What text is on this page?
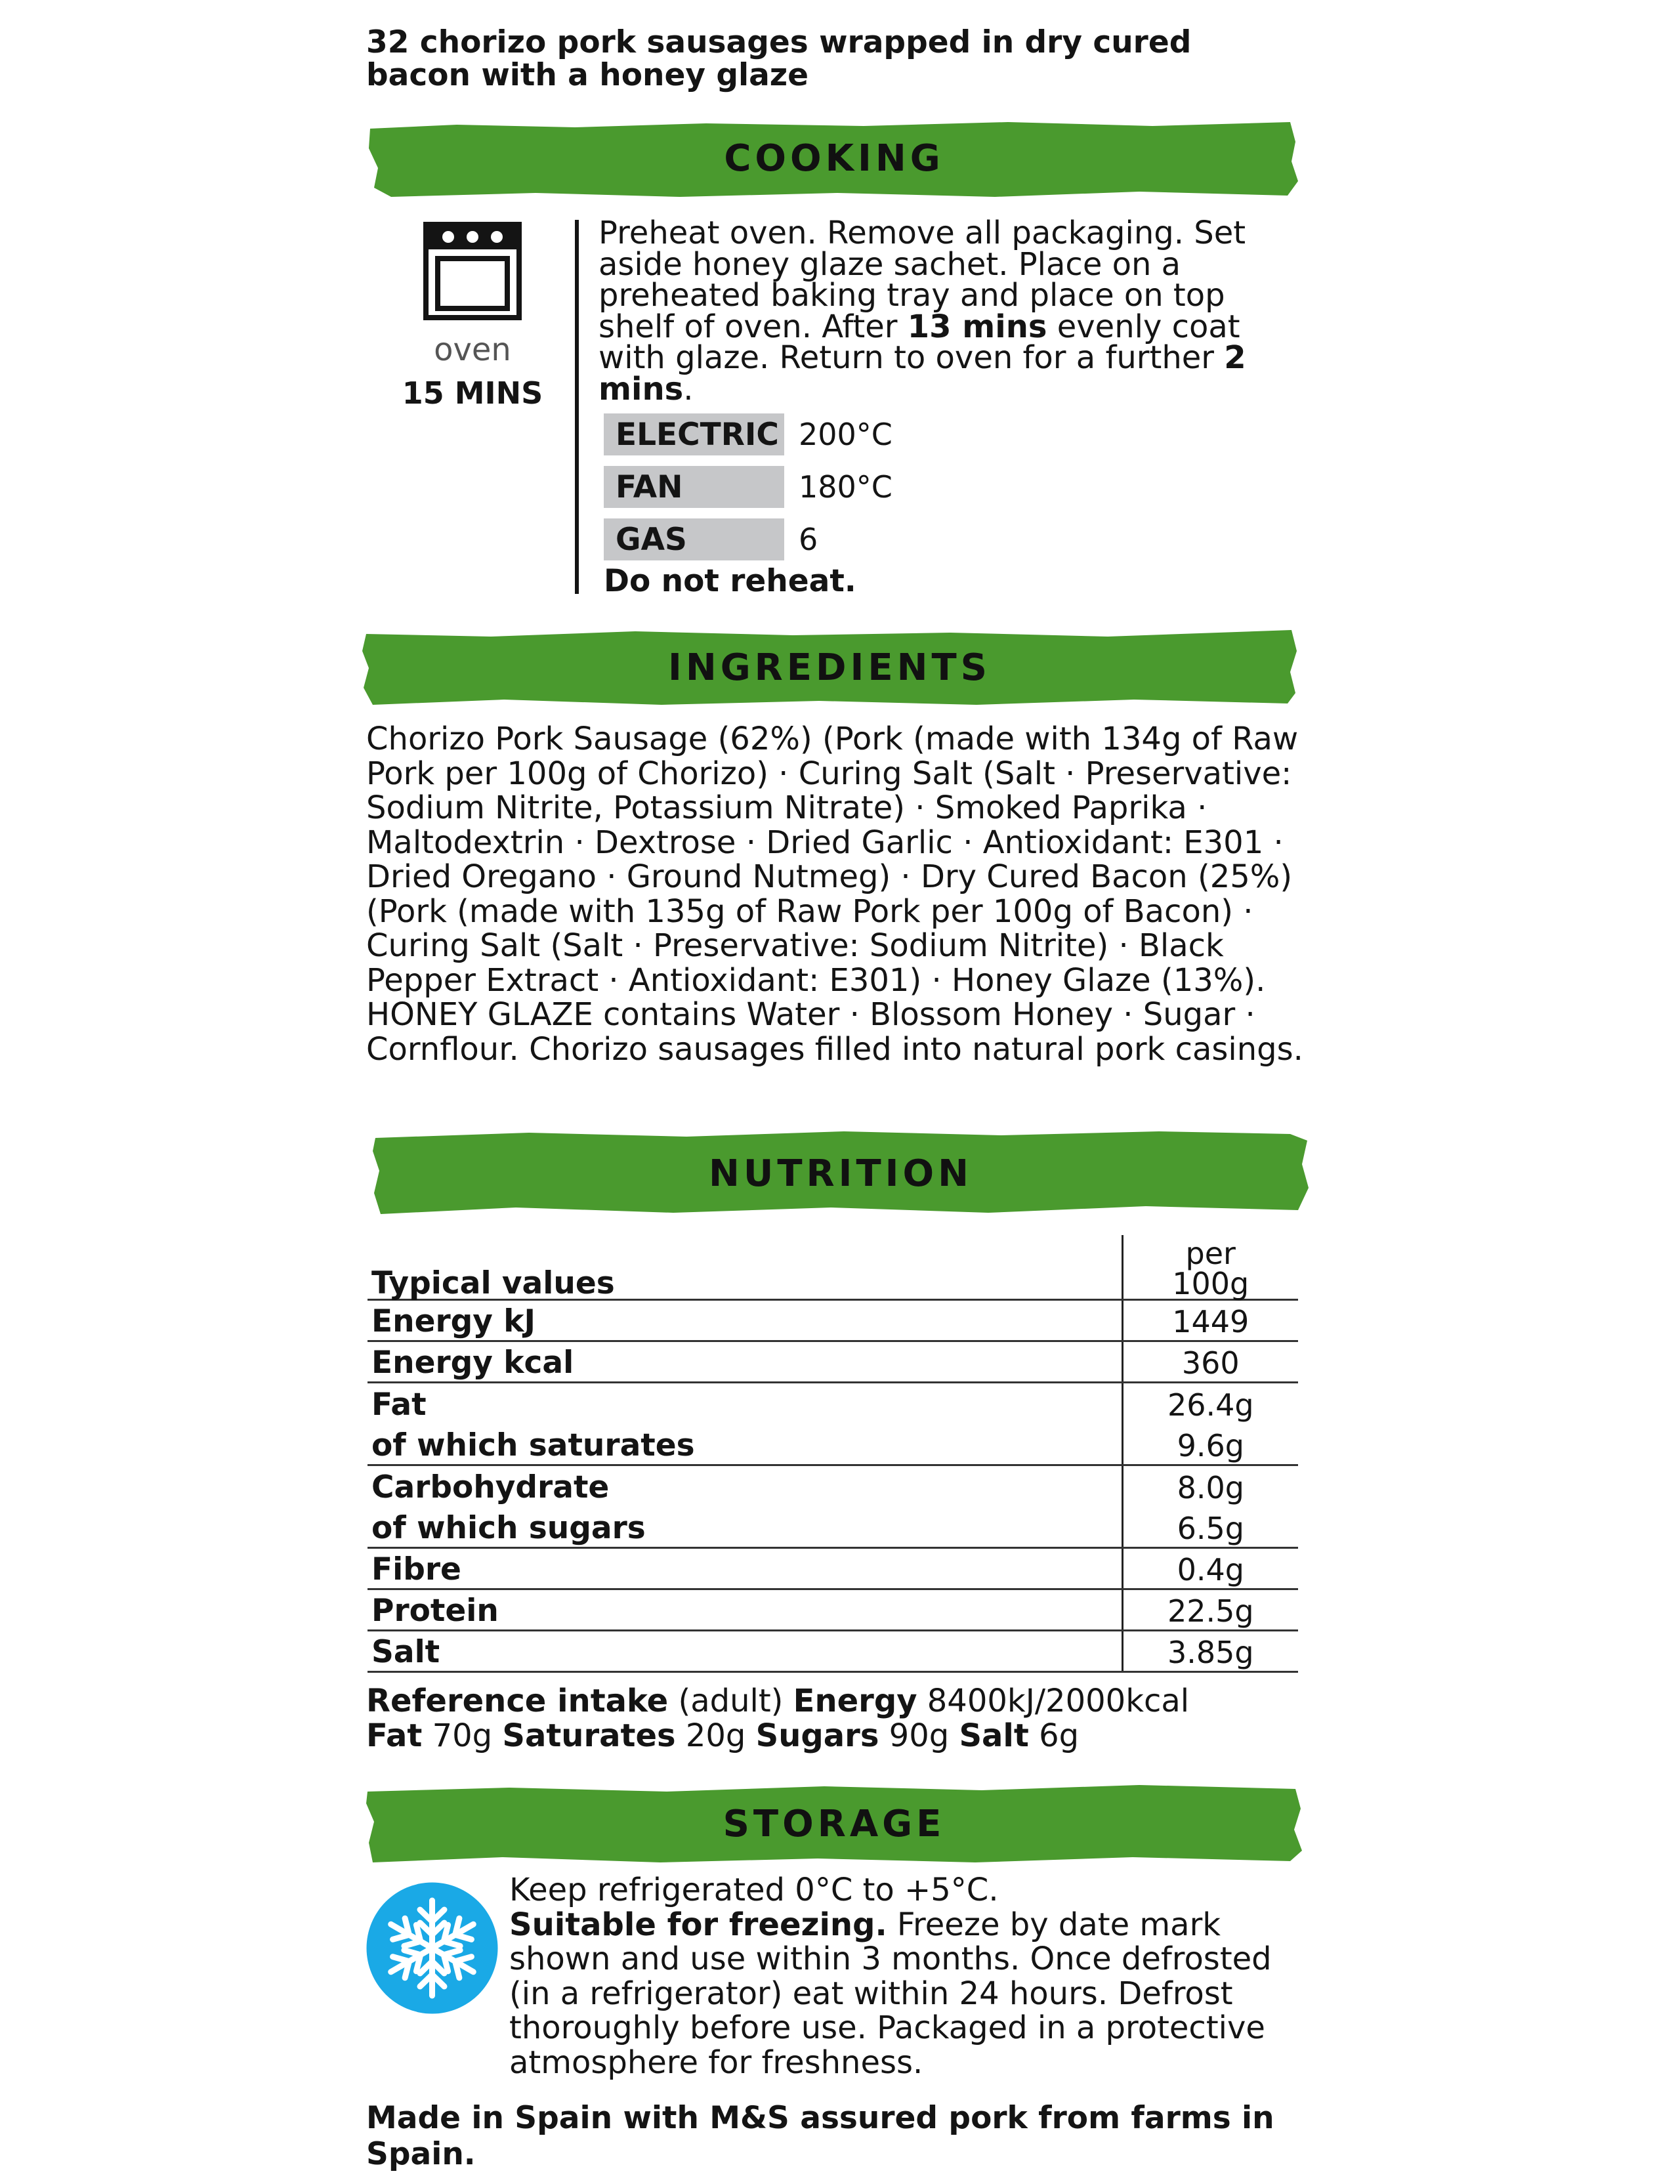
32 chorizo pork sausages wrapped in dry cured bacon with a honey glaze
COOKING
oven
15 MINS
Preheat oven. Remove all packaging. Set aside honey glaze sachet. Place on a preheated baking tray and place on top shelf of oven. After 13 mins evenly coat with glaze. Return to oven for a further 2 mins.
ELECTRIC 200°C
FAN	180°C
GAS	6
Do not reheat.
INGREDIENTS
Chorizo Pork Sausage (62%) (Pork (made with 134g of Raw Pork per 100g of Chorizo) · Curing Salt (Salt · Preservative: Sodium Nitrite, Potassium Nitrate) · Smoked Paprika · Maltodextrin · Dextrose · Dried Garlic · Antioxidant: E301 · Dried Oregano · Ground Nutmeg) · Dry Cured Bacon (25%) (Pork (made with 135g of Raw Pork per 100g of Bacon) · Curing Salt (Salt · Preservative: Sodium Nitrite) · Black Pepper Extract · Antioxidant: E301) · Honey Glaze (13%). HONEY GLAZE contains Water · Blossom Honey · Sugar · Cornflour. Chorizo sausages filled into natural pork casings.
NUTRITION
Typical values	per 100g
Energy kJ	1449
Energy kcal	360
Fat	26.4g
of which saturates	9.6g
Carbohydrate	8.0g
of which sugars	6.5g
Fibre	0.4g
Protein	22.5g
Salt	3.85g
Reference intake (adult) Energy 8400kJ/2000kcal
Fat 70g Saturates 20g Sugars 90g Salt 6g
STORAGE
Keep refrigerated 0°C to +5°C.
Suitable for freezing. Freeze by date mark shown and use within 3 months. Once defrosted (in a refrigerator) eat within 24 hours. Defrost thoroughly before use. Packaged in a protective atmosphere for freshness.
Made in Spain with M&S assured pork from farms in Spain.
